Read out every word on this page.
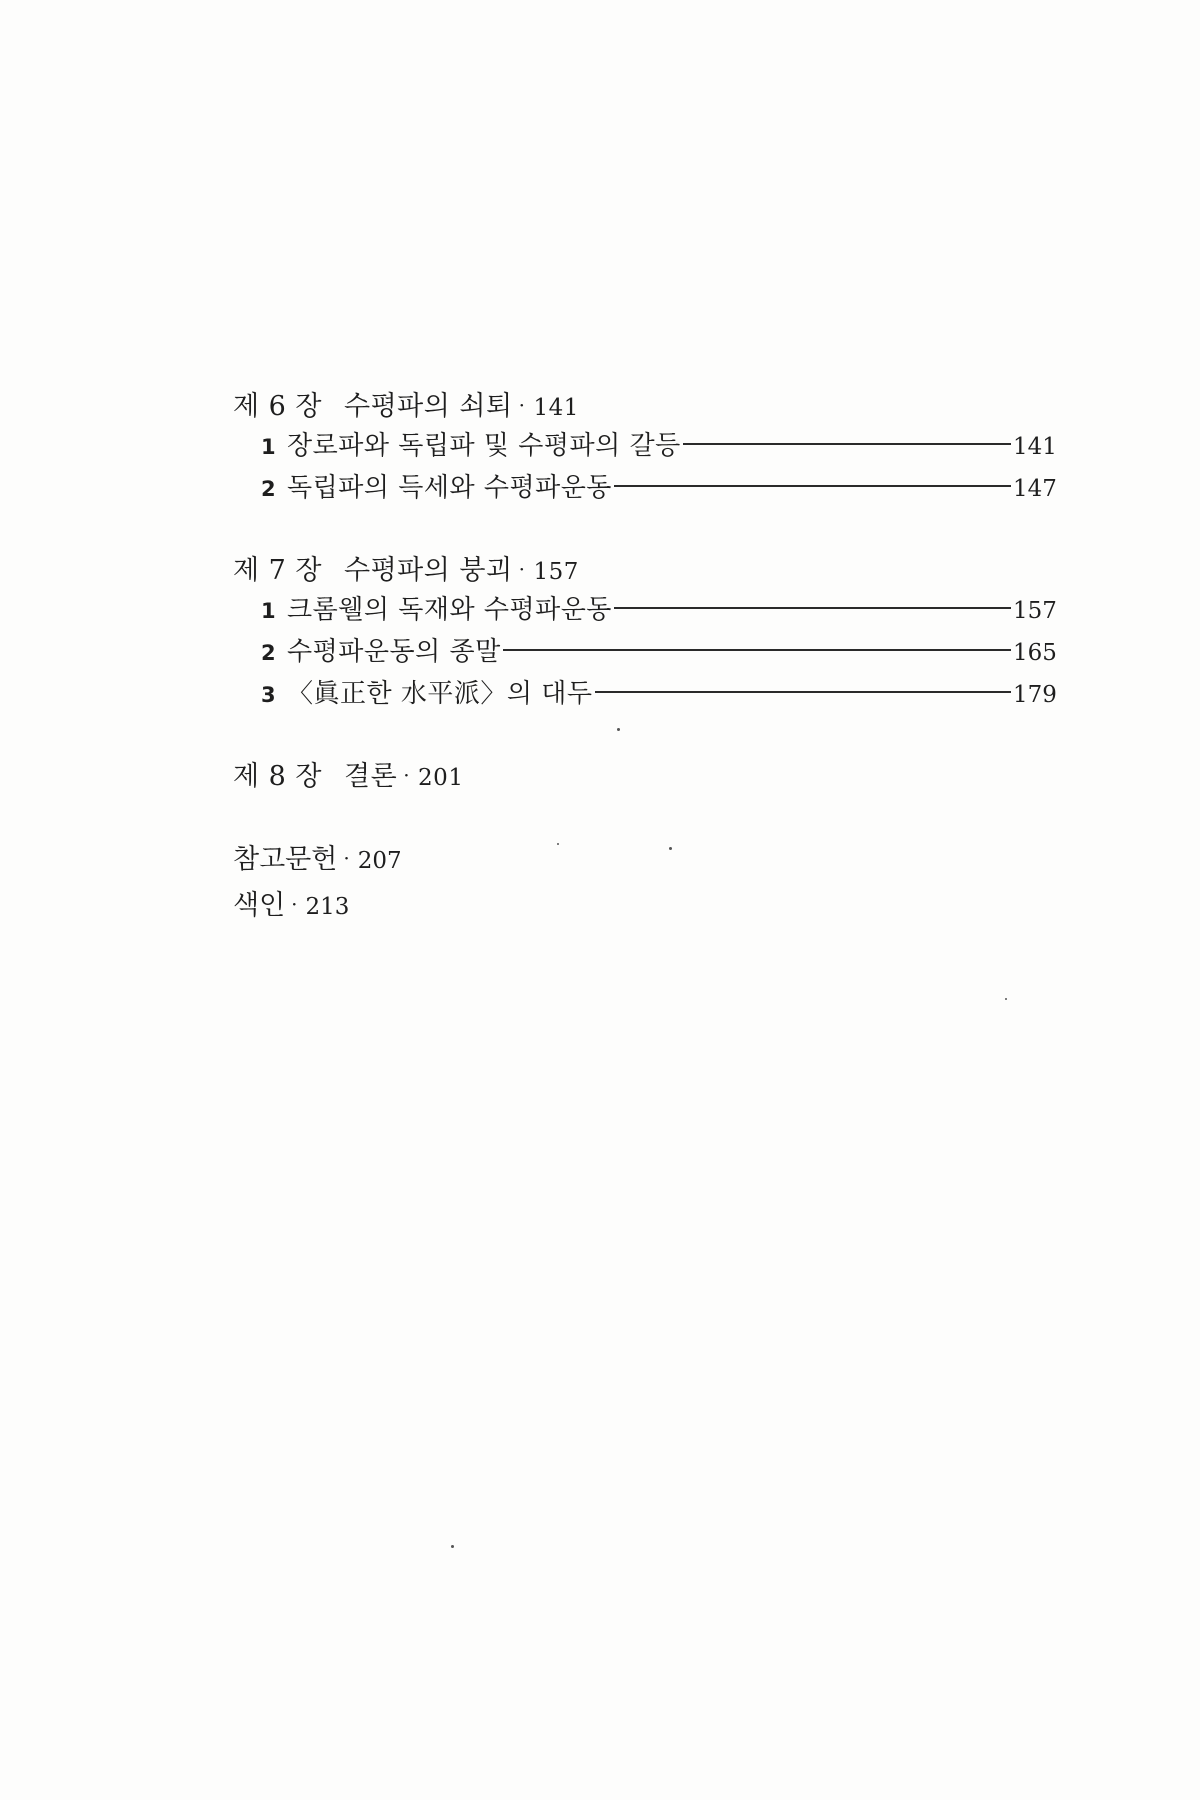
제 6 장 수평파의 쇠퇴 · 141
1 장로파와 독립파 및 수평파의 갈등	141
2 독립파의 득세와 수평파운동	147
제 7 장 수평파의 붕괴 · 157
1 크롬웰의 독재와 수평파운동	157
2 수평파운동의 종말	165
3 〈眞正한 水平派〉의 대두	179
제 8 장 결론 · 201
참고문헌 · 207
색인 · 213
